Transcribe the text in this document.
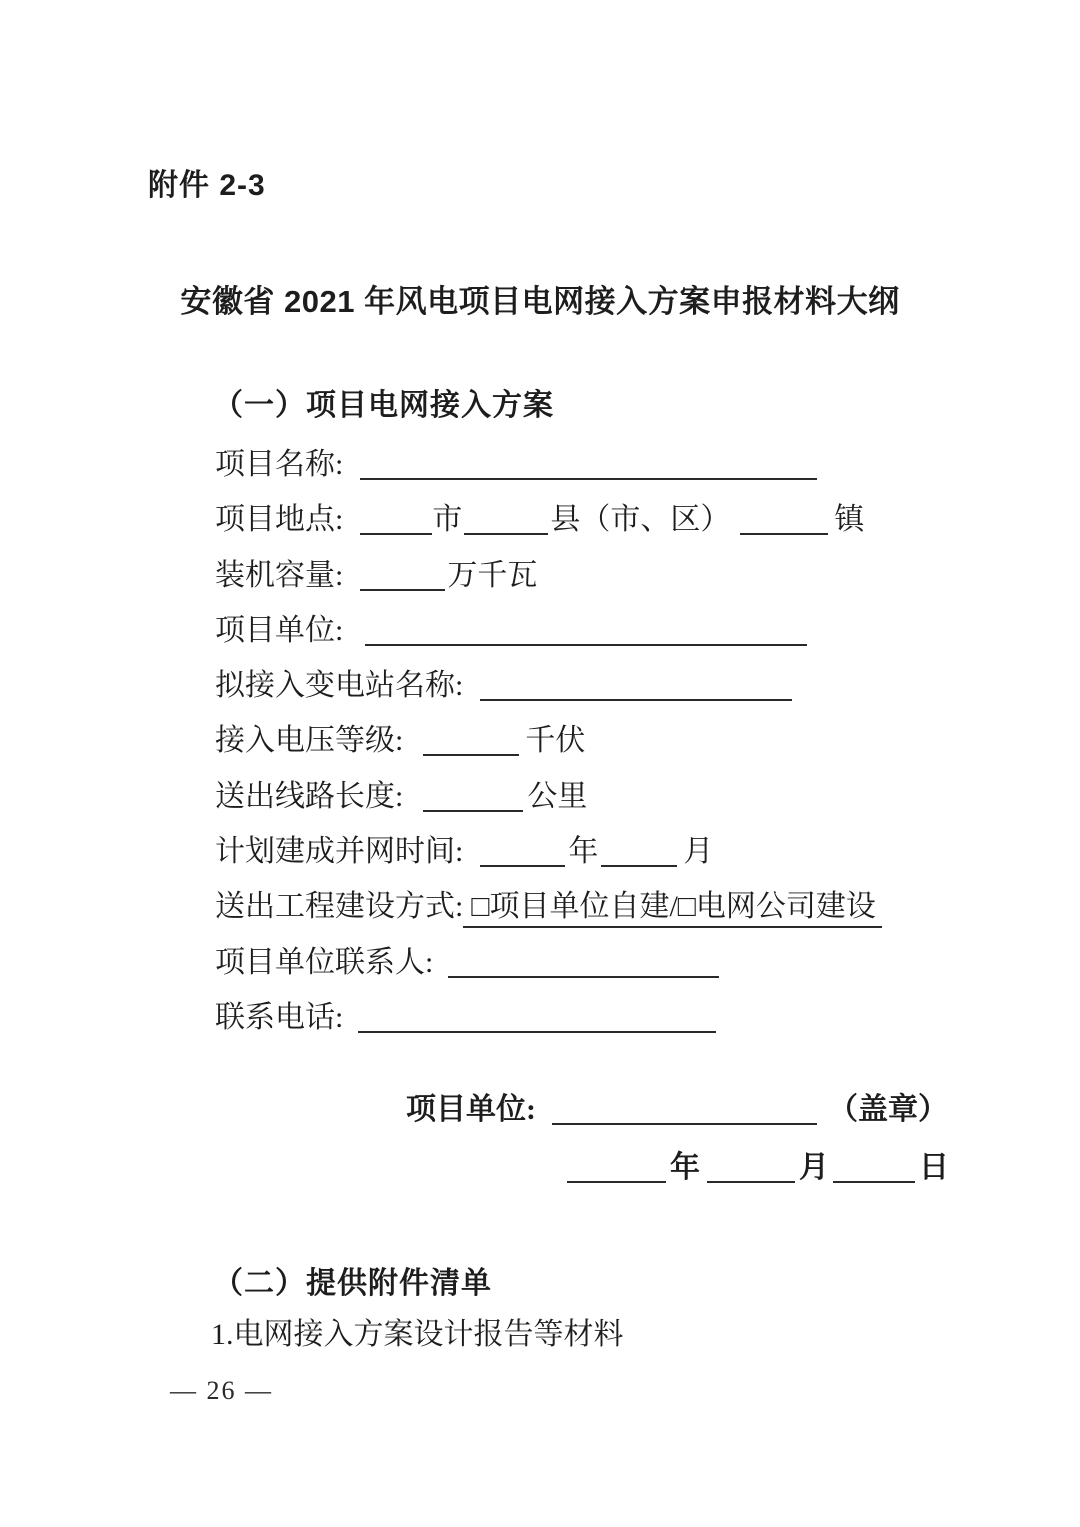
附件 2-3
安徽省 2021 年风电项目电网接入方案申报材料大纲
（一）项目电网接入方案
项目名称:
项目地点:	市	县（市、区）	镇
装机容量:	万千瓦
项目单位:
拟接入变电站名称:
接入电压等级:	千伏
送出线路长度:	公里
计划建成并网时间:	年	月
送出工程建设方式: □项目单位自建/□电网公司建设
项目单位联系人:
联系电话:
项目单位:	（盖章）
年	月	日
（二）提供附件清单
1.电网接入方案设计报告等材料
— 26 —
